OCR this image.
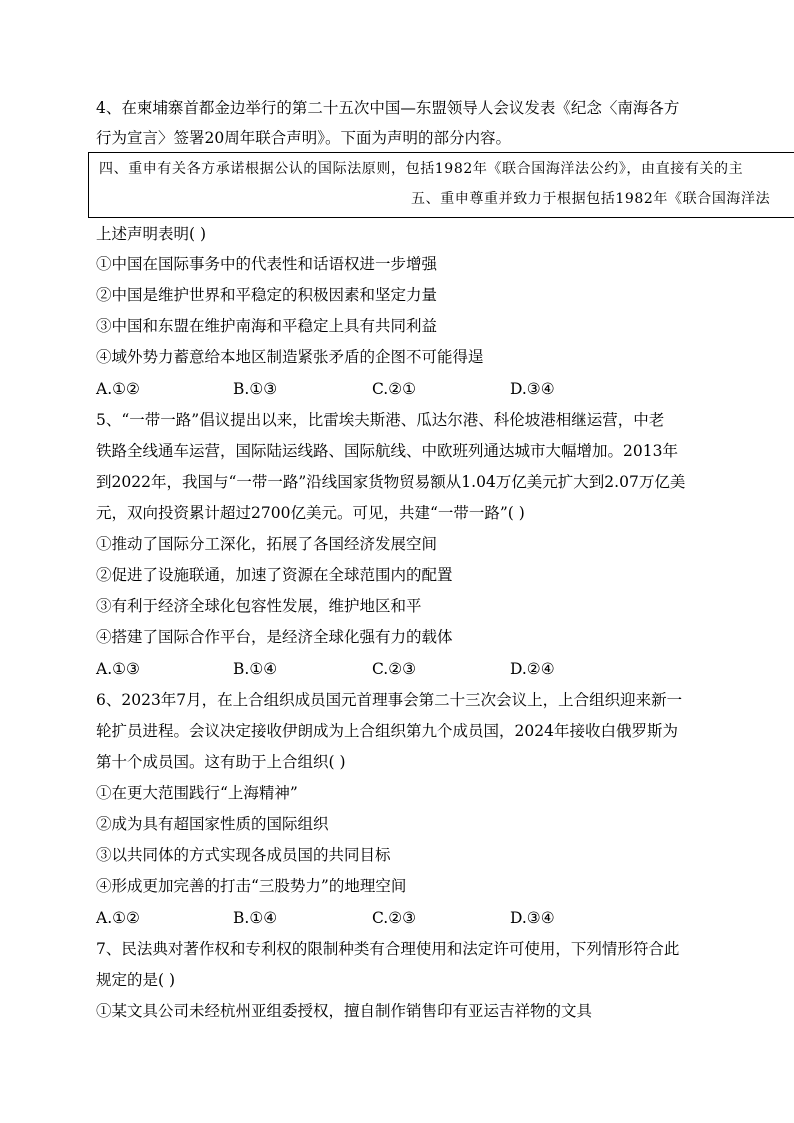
4、在柬埔寨首都金边举行的第二十五次中国—东盟领导人会议发表《纪念〈南海各方
行为宣言〉签署20周年联合声明》。下面为声明的部分内容。
四、重申有关各方承诺根据公认的国际法原则，包括1982年《联合国海洋法公约》，由直接有关的主
五、重申尊重并致力于根据包括1982年《联合国海洋法
上述声明表明( )
①中国在国际事务中的代表性和话语权进一步增强
②中国是维护世界和平稳定的积极因素和坚定力量
③中国和东盟在维护南海和平稳定上具有共同利益
④域外势力蓄意给本地区制造紧张矛盾的企图不可能得逞
A.①②	B.①③	C.②①	D.③④
5、“一带一路”倡议提出以来，比雷埃夫斯港、瓜达尔港、科伦坡港相继运营，中老
铁路全线通车运营，国际陆运线路、国际航线、中欧班列通达城市大幅增加。2013年
到2022年，我国与“一带一路”沿线国家货物贸易额从1.04万亿美元扩大到2.07万亿美
元，双向投资累计超过2700亿美元。可见，共建“一带一路”( )
①推动了国际分工深化，拓展了各国经济发展空间
②促进了设施联通，加速了资源在全球范围内的配置
③有利于经济全球化包容性发展，维护地区和平
④搭建了国际合作平台，是经济全球化强有力的载体
A.①③	B.①④	C.②③	D.②④
6、2023年7月，在上合组织成员国元首理事会第二十三次会议上，上合组织迎来新一
轮扩员进程。会议决定接收伊朗成为上合组织第九个成员国，2024年接收白俄罗斯为
第十个成员国。这有助于上合组织( )
①在更大范围践行“上海精神”
②成为具有超国家性质的国际组织
③以共同体的方式实现各成员国的共同目标
④形成更加完善的打击“三股势力”的地理空间
A.①②	B.①④	C.②③	D.③④
7、民法典对著作权和专利权的限制种类有合理使用和法定许可使用，下列情形符合此
规定的是( )
①某文具公司未经杭州亚组委授权，擅自制作销售印有亚运吉祥物的文具
